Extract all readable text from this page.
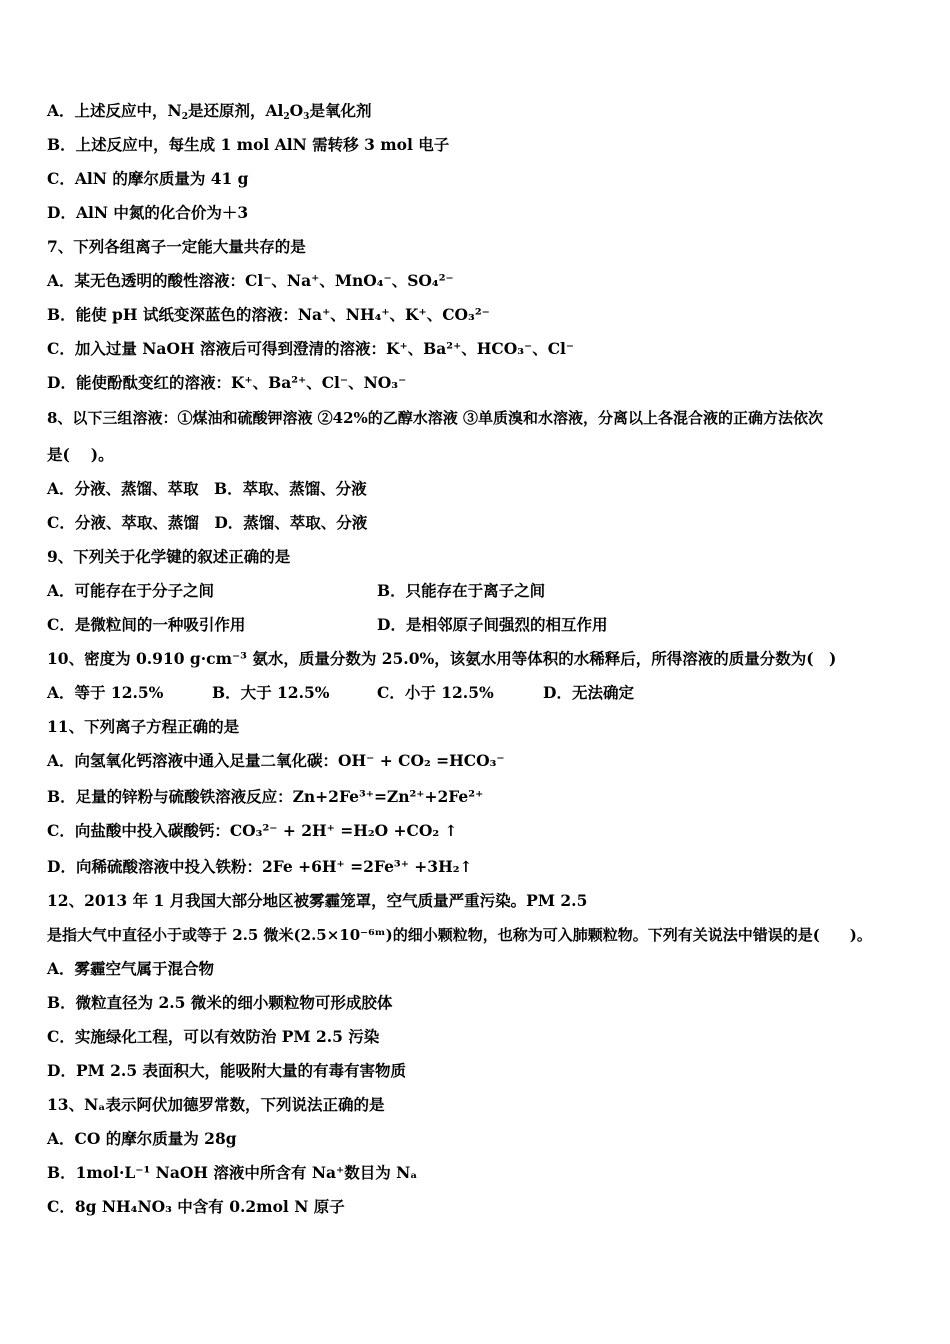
A．上述反应中，$N_2$是还原剂，$Al_2O_3$是氧化剂
B．上述反应中，每生成 1 mol AlN 需转移 3 mol 电子
C．AlN 的摩尔质量为 41 g
D．AlN 中氮的化合价为＋3
7、下列各组离子一定能大量共存的是
A．某无色透明的酸性溶液：Cl⁻、Na⁺、MnO₄⁻、SO₄²⁻
B．能使 pH 试纸变深蓝色的溶液：Na⁺、NH₄⁺、K⁺、CO₃²⁻
C．加入过量 NaOH 溶液后可得到澄清的溶液：K⁺、Ba²⁺、HCO₃⁻、Cl⁻
D．能使酚酞变红的溶液：K⁺、Ba²⁺、Cl⁻、NO₃⁻
8、以下三组溶液：①煤油和硫酸钾溶液 ②42%的乙醇水溶液 ③单质溴和水溶液，分离以上各混合液的正确方法依次
是(　 )。
A．分液、蒸馏、萃取　B．萃取、蒸馏、分液
C．分液、萃取、蒸馏　D．蒸馏、萃取、分液
9、下列关于化学键的叙述正确的是
A．可能存在于分子之间	B．只能存在于离子之间
C．是微粒间的一种吸引作用	D．是相邻原子间强烈的相互作用
10、密度为 0.910 g·cm⁻³ 氨水，质量分数为 25.0%，该氨水用等体积的水稀释后，所得溶液的质量分数为(　)
A．等于 12.5%	B．大于 12.5%	C．小于 12.5%	D．无法确定
11、下列离子方程正确的是
A．向氢氧化钙溶液中通入足量二氧化碳：OH⁻ + CO₂ =HCO₃⁻
B．足量的锌粉与硫酸铁溶液反应：Zn+2Fe³⁺=Zn²⁺+2Fe²⁺
C．向盐酸中投入碳酸钙：CO₃²⁻ + 2H⁺ =H₂O +CO₂ ↑
D．向稀硫酸溶液中投入铁粉：2Fe +6H⁺ =2Fe³⁺ +3H₂↑
12、2013 年 1 月我国大部分地区被雾霾笼罩，空气质量严重污染。PM 2.5
是指大气中直径小于或等于 2.5 微米(2.5×10⁻⁶ᵐ)的细小颗粒物，也称为可入肺颗粒物。下列有关说法中错误的是(　　)。
A．雾霾空气属于混合物
B．微粒直径为 2.5 微米的细小颗粒物可形成胶体
C．实施绿化工程，可以有效防治 PM 2.5 污染
D．PM 2.5 表面积大，能吸附大量的有毒有害物质
13、Nₐ表示阿伏加德罗常数，下列说法正确的是
A．CO 的摩尔质量为 28g
B．1mol·L⁻¹ NaOH 溶液中所含有 Na⁺数目为 Nₐ
C．8g NH₄NO₃ 中含有 0.2mol N 原子
